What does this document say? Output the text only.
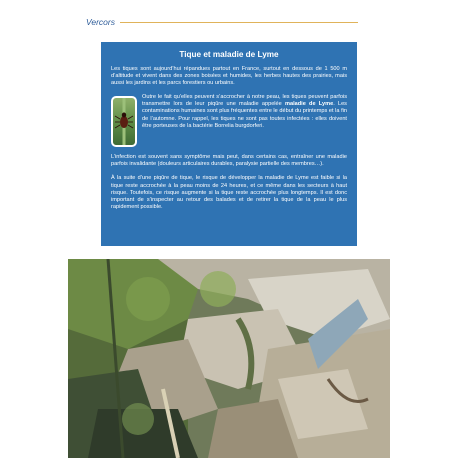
Vercors
Tique et maladie de Lyme

Les tiques sont aujourd’hui répandues partout en France, surtout en dessous de 1 500 m d’altitude et vivent dans des zones boisées et humides, les herbes hautes des prairies, mais aussi les jardins et les parcs forestiers ou urbains.

Outre le fait qu’elles peuvent s’accrocher à notre peau, les tiques peuvent parfois transmettre lors de leur piqûre une maladie appelée maladie de Lyme. Les contaminations humaines sont plus fréquentes entre le début du printemps et la fin de l’automne. Pour rappel, les tiques ne sont pas toutes infectées : elles doivent être porteuses de la bactérie Borrelia burgdorferi.

L’infection est souvent sans symptôme mais peut, dans certains cas, entraîner une maladie parfois invalidante (douleurs articulaires durables, paralysie partielle des membres…).

À la suite d’une piqûre de tique, le risque de développer la maladie de Lyme est faible si la tique reste accrochée à la peau moins de 24 heures, et ce même dans les secteurs à haut risque. Toutefois, ce risque augmente si la tique reste accrochée plus longtemps. Il est donc important de s’inspecter au retour des balades et de retirer la tique de la peau le plus rapidement possible.
